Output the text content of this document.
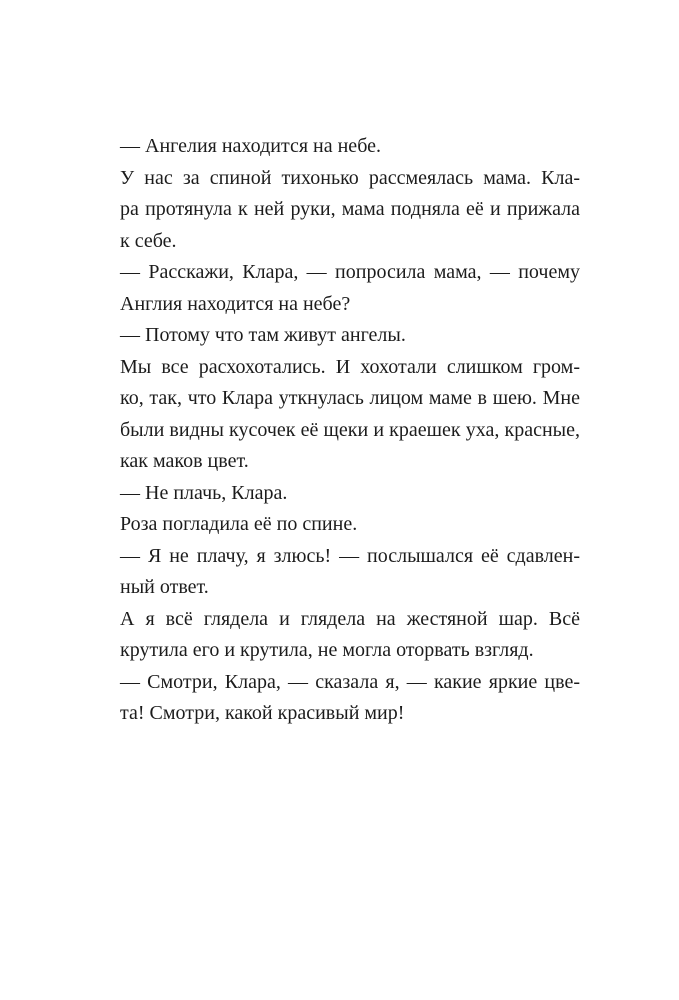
— Ангелия находится на небе.
У нас за спиной тихонько рассмеялась мама. Кла-
ра протянула к ней руки, мама подняла её и прижала
к себе.
— Расскажи, Клара, — попросила мама, — почему
Англия находится на небе?
— Потому что там живут ангелы.
Мы все расхохотались. И хохотали слишком гром-
ко, так, что Клара уткнулась лицом маме в шею. Мне
были видны кусочек её щеки и краешек уха, красные,
как маков цвет.
— Не плачь, Клара.
Роза погладила её по спине.
— Я не плачу, я злюсь! — послышался её сдавлен-
ный ответ.
А я всё глядела и глядела на жестяной шар. Всё
крутила его и крутила, не могла оторвать взгляд.
— Смотри, Клара, — сказала я, — какие яркие цве-
та! Смотри, какой красивый мир!
